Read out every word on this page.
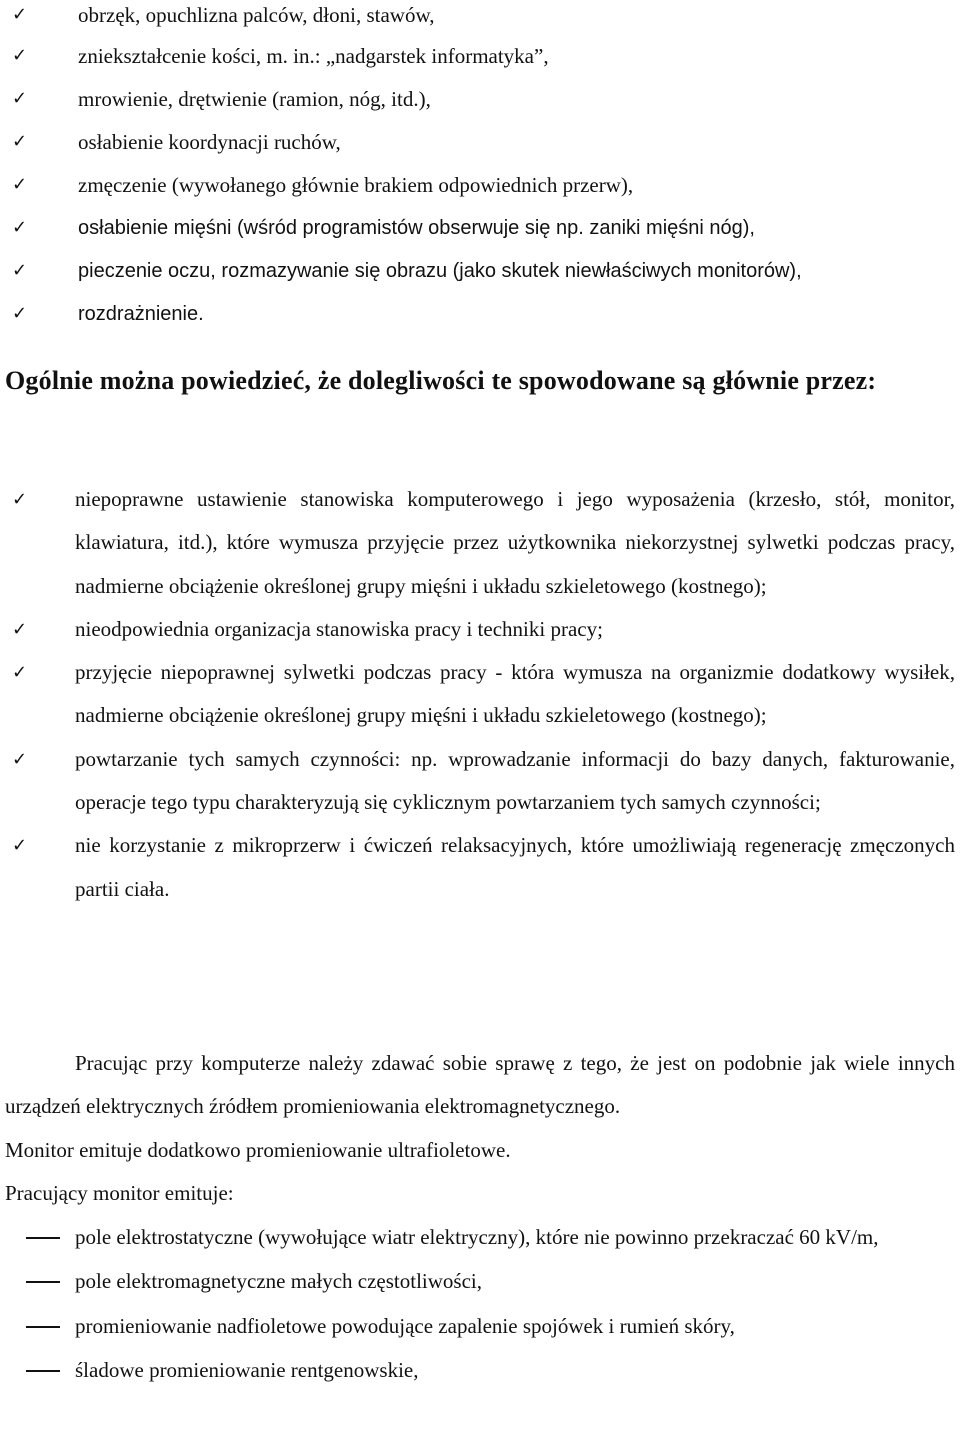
✓	obrzęk, opuchlizna palców, dłoni, stawów,
✓	zniekształcenie kości, m. in.: „nadgarstek informatyka”,
✓	mrowienie, drętwienie (ramion, nóg, itd.),
✓	osłabienie koordynacji ruchów,
✓	zmęczenie (wywołanego głównie brakiem odpowiednich przerw),
✓	osłabienie mięśni (wśród programistów obserwuje się np. zaniki mięśni nóg),
✓	pieczenie oczu, rozmazywanie się obrazu (jako skutek niewłaściwych monitorów),
✓	rozdrażnienie.
Ogólnie można powiedzieć, że dolegliwości te spowodowane są głównie przez:
✓ niepoprawne ustawienie stanowiska komputerowego i jego wyposażenia (krzesło, stół, monitor, klawiatura, itd.), które wymusza przyjęcie przez użytkownika niekorzystnej sylwetki podczas pracy, nadmierne obciążenie określonej grupy mięśni i układu szkieletowego (kostnego);
✓ nieodpowiednia organizacja stanowiska pracy i techniki pracy;
✓ przyjęcie niepoprawnej sylwetki podczas pracy - która wymusza na organizmie dodatkowy wysiłek, nadmierne obciążenie określonej grupy mięśni i układu szkieletowego (kostnego);
✓ powtarzanie tych samych czynności: np. wprowadzanie informacji do bazy danych, fakturowanie, operacje tego typu charakteryzują się cyklicznym powtarzaniem tych samych czynności;
✓ nie korzystanie z mikroprzerw i ćwiczeń relaksacyjnych, które umożliwiają regenerację zmęczonych partii ciała.
Pracując przy komputerze należy zdawać sobie sprawę z tego, że jest on podobnie jak wiele innych urządzeń elektrycznych źródłem promieniowania elektromagnetycznego.
Monitor emituje dodatkowo promieniowanie ultrafioletowe.
Pracujący monitor emituje:
pole elektrostatyczne (wywołujące wiatr elektryczny), które nie powinno przekraczać 60 kV/m,
pole elektromagnetyczne małych częstotliwości,
promieniowanie nadfioletowe powodujące zapalenie spojówek i rumień skóry,
śladowe promieniowanie rentgenowskie,
